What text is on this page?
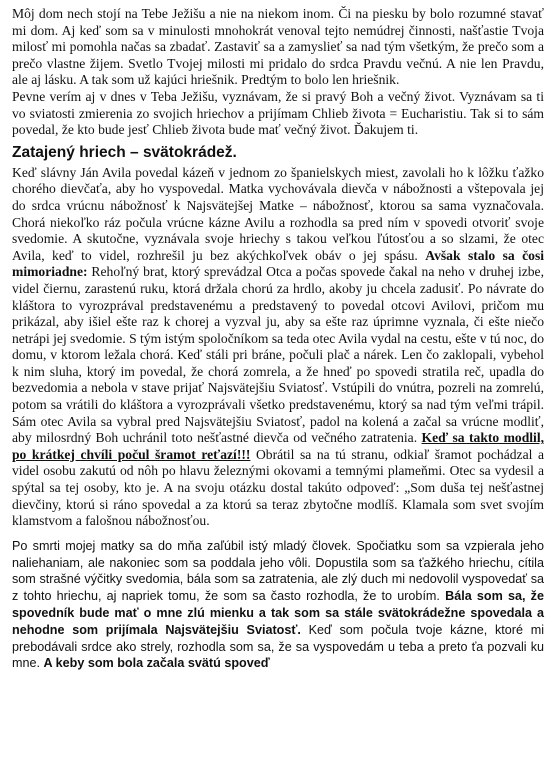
Môj dom nech stojí na Tebe Ježišu a nie na niekom inom. Či na piesku by bolo rozumné stavať mi dom. Aj keď som sa v minulosti mnohokrát venoval tejto nemúdrej činnosti, našťastie Tvoja milosť mi pomohla načas sa zbadať. Zastaviť sa a zamyslieť sa nad tým všetkým, že prečo som a prečo vlastne žijem. Svetlo Tvojej milosti mi pridalo do srdca Pravdu večnú. A nie len Pravdu, ale aj lásku. A tak som už kajúci hriešnik. Predtým to bolo len hriešnik.

Pevne verím aj v dnes v Teba Ježišu, vyznávam, že si pravý Boh a večný život. Vyznávam sa ti vo sviatosti zmierenia zo svojich hriechov a prijímam Chlieb života = Eucharistiu. Tak si to sám povedal, že kto bude jesť Chlieb života bude mať večný život. Ďakujem ti.

Zatajený hriech – svätokrádež.

Keď slávny Ján Avila povedal kázeň v jednom zo španielskych miest, zavolali ho k lôžku ťažko chorého dievčaťa, aby ho vyspovedal. Matka vychovávala dievča v nábožnosti a vštepovala jej do srdca vrúcnu nábožnosť k Najsvätejšej Matke – nábožnosť, ktorou sa sama vyznačovala. Chorá niekoľko ráz počula vrúcne kázne Avilu a rozhodla sa pred ním v spovedi otvoriť svoje svedomie. A skutočne, vyznávala svoje hriechy s takou veľkou ľútosťou a so slzami, že otec Avila, keď to videl, rozhrešil ju bez akýchkoľvek obáv o jej spásu. Avšak stalo sa čosi mimoriadne: Rehoľný brat, ktorý sprevádzal Otca a počas spovede čakal na neho v druhej izbe, videl čiernu, zarastenú ruku, ktorá držala chorú za hrdlo, akoby ju chcela zadusiť. Po návrate do kláštora to vyrozprával predstavenému a predstavený to povedal otcovi Avilovi, pričom mu prikázal, aby išiel ešte raz k chorej a vyzval ju, aby sa ešte raz úprimne vyznala, či ešte niečo netrápi jej svedomie. S tým istým spoločníkom sa teda otec Avila vydal na cestu, ešte v tú noc, do domu, v ktorom ležala chorá. Keď stáli pri bráne, počuli plač a nárek. Len čo zaklopali, vybehol k nim sluha, ktorý im povedal, že chorá zomrela, a že hneď po spovedi stratila reč, upadla do bezvedomia a nebola v stave prijať Najsvätejšiu Sviatosť. Vstúpili do vnútra, pozreli na zomrelú, potom sa vrátili do kláštora a vyrozprávali všetko predstavenému, ktorý sa nad tým veľmi trápil. Sám otec Avila sa vybral pred Najsvätejšiu Sviatosť, padol na kolená a začal sa vrúcne modliť, aby milosrdný Boh uchránil toto nešťastné dievča od večného zatratenia. Keď sa takto modlil, po krátkej chvíli počul šramot reťazí!!! Obrátil sa na tú stranu, odkiaľ šramot pochádzal a videl osobu zakutú od nôh po hlavu železnými okovami a temnými plameňmi. Otec sa vydesil a spýtal sa tej osoby, kto je. A na svoju otázku dostal takúto odpoveď: „Som duša tej nešťastnej dievčiny, ktorú si ráno spovedal a za ktorú sa teraz zbytočne modlíš. Klamala som svet svojím klamstvom a falošnou nábožnosťou.

Po smrti mojej matky sa do mňa zaľúbil istý mladý človek. Spočiatku som sa vzpierala jeho naliehaniam, ale nakoniec som sa poddala jeho vôli. Dopustila som sa ťažkého hriechu, cítila som strašné výčitky svedomia, bála som sa zatratenia, ale zlý duch mi nedovolil vyspovedať sa z tohto hriechu, aj napriek tomu, že som sa často rozhodla, že to urobím. Bála som sa, že spovedník bude mať o mne zlú mienku a tak som sa stále svätokrádežne spovedala a nehodne som prijímala Najsvätejšiu Sviatosť. Keď som počula tvoje kázne, ktoré mi prebodávali srdce ako strely, rozhodla som sa, že sa vyspovedám u teba a preto ťa pozvali ku mne. A keby som bola začala svätú spoveď
